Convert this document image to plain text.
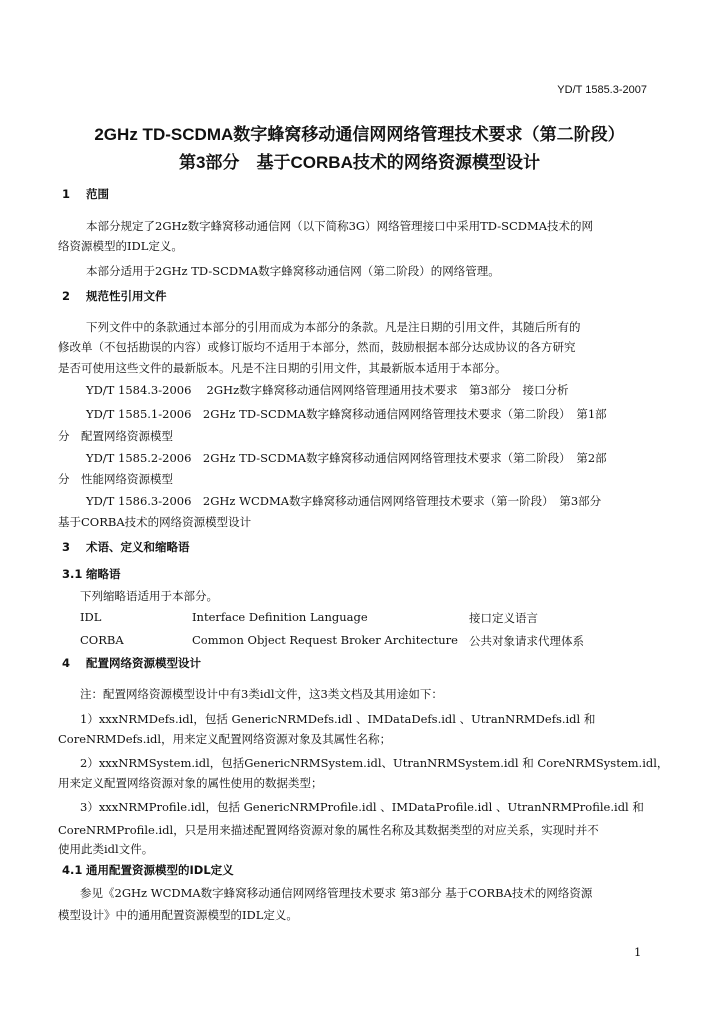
YD/T 1585.3-2007
2GHz TD-SCDMA数字蜂窝移动通信网网络管理技术要求（第二阶段）
第3部分　基于CORBA技术的网络资源模型设计
1 范围
本部分规定了2GHz数字蜂窝移动通信网（以下简称3G）网络管理接口中采用TD-SCDMA技术的网
络资源模型的IDL定义。
本部分适用于2GHz TD-SCDMA数字蜂窝移动通信网（第二阶段）的网络管理。
2 规范性引用文件
下列文件中的条款通过本部分的引用而成为本部分的条款。凡是注日期的引用文件，其随后所有的
修改单（不包括勘误的内容）或修订版均不适用于本部分，然而，鼓励根据本部分达成协议的各方研究
是否可使用这些文件的最新版本。凡是不注日期的引用文件，其最新版本适用于本部分。
YD/T 1584.3-2006　 2GHz数字蜂窝移动通信网网络管理通用技术要求　第3部分　接口分析
YD/T 1585.1-2006　2GHz TD-SCDMA数字蜂窝移动通信网网络管理技术要求（第二阶段）　第1部
分　配置网络资源模型
YD/T 1585.2-2006　2GHz TD-SCDMA数字蜂窝移动通信网网络管理技术要求（第二阶段）　第2部
分　性能网络资源模型
YD/T 1586.3-2006　2GHz WCDMA数字蜂窝移动通信网网络管理技术要求（第一阶段）　第3部分
基于CORBA技术的网络资源模型设计
3 术语、定义和缩略语
3.1 缩略语
下列缩略语适用于本部分。
IDL	Interface Definition Language	接口定义语言
CORBA	Common Object Request Broker Architecture 公共对象请求代理体系
4 配置网络资源模型设计
注：配置网络资源模型设计中有3类idl文件，这3类文档及其用途如下：
1）xxxNRMDefs.idl，包括 GenericNRMDefs.idl 、IMDataDefs.idl 、UtranNRMDefs.idl 和
CoreNRMDefs.idl，用来定义配置网络资源对象及其属性名称；
2）xxxNRMSystem.idl，包括GenericNRMSystem.idl、UtranNRMSystem.idl 和 CoreNRMSystem.idl，
用来定义配置网络资源对象的属性使用的数据类型；
3）xxxNRMProfile.idl，包括 GenericNRMProfile.idl 、IMDataProfile.idl 、UtranNRMProfile.idl 和
CoreNRMProfile.idl，只是用来描述配置网络资源对象的属性名称及其数据类型的对应关系，实现时并不
使用此类idl文件。
4.1 通用配置资源模型的IDL定义
参见《2GHz WCDMA数字蜂窝移动通信网网络管理技术要求 第3部分 基于CORBA技术的网络资源
模型设计》中的通用配置资源模型的IDL定义。
1
